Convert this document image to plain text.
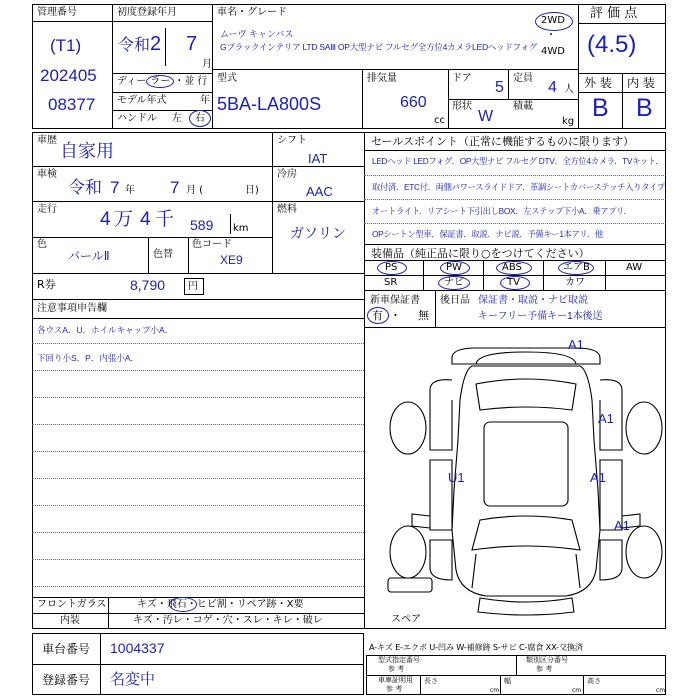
管理番号
(T1)
202405
08377
初度登録年月
令和 2 7
月
ディー ラー ・並 行
モデル年式	年
ハンドル 左 右
車名・グレード
ムーヴ キャンバス
Gブラックインテリア LTD SAⅢ OP大型ナビ フルセグ全方位4カメラLEDヘッドフォグ
2WD
・
4WD
型式
5BA-LA800S
排気量
660
cc
ドア
5
定員
4 人
形状
W
積載
kg
評 価 点
(4.5)
外 装 内 装
B B
車歴
自家用
車検
令和 7 年 7 月 (	日)
走行 4 万 4 千 589 km
色
パールⅡ	色替
色コード
XE9
シフト
IAT
冷房
AAC
燃料
ガソリン
R券	8,790 円
注意事項申告欄
各ウスA．U．ホイルキャップ小A．
下回り小S．P．内張小A．
フロントガラス	キズ・飛石・ヒビ割・リペア跡・X要
内装	キズ・汚レ・コゲ・穴・スレ・キレ・破レ
セールスポイント（正常に機能するものに限ります）
LEDヘッド LEDフォグ．OP大型ナビ フルセグ DTV．全方位4カメラ．TVキット．
取付済．ETC付．両側パワースライドドア．革調シートカバーステッチ入りタイプ．
オートライト．リアシート下引出しBOX．左ステップ下小A．乗アプリ．
OPシートン型車．保証書．取説．ナビ説．予備キー1本アリ．他
装備品（純正品に限り○をつけてください）
PS	PW	ABS	エアB	AW
SR	ナビ	TV	カワ
新車保証書
有 ・ 無
後日品 保証書・取説・ナビ取説
キーフリー予備キー1本後送
A1
A1
U1	A1
A1
スペア
車台番号 1004337
登録番号 名変中
A-キズ E-エクボ U-凹み W-補修跡 S-サビ C-腐食 XX-交換済
型式指定番号
参 考
類別区分番号
参 考
車庫証明用
参 考
長さ
cm
幅
cm
高さ
cm
